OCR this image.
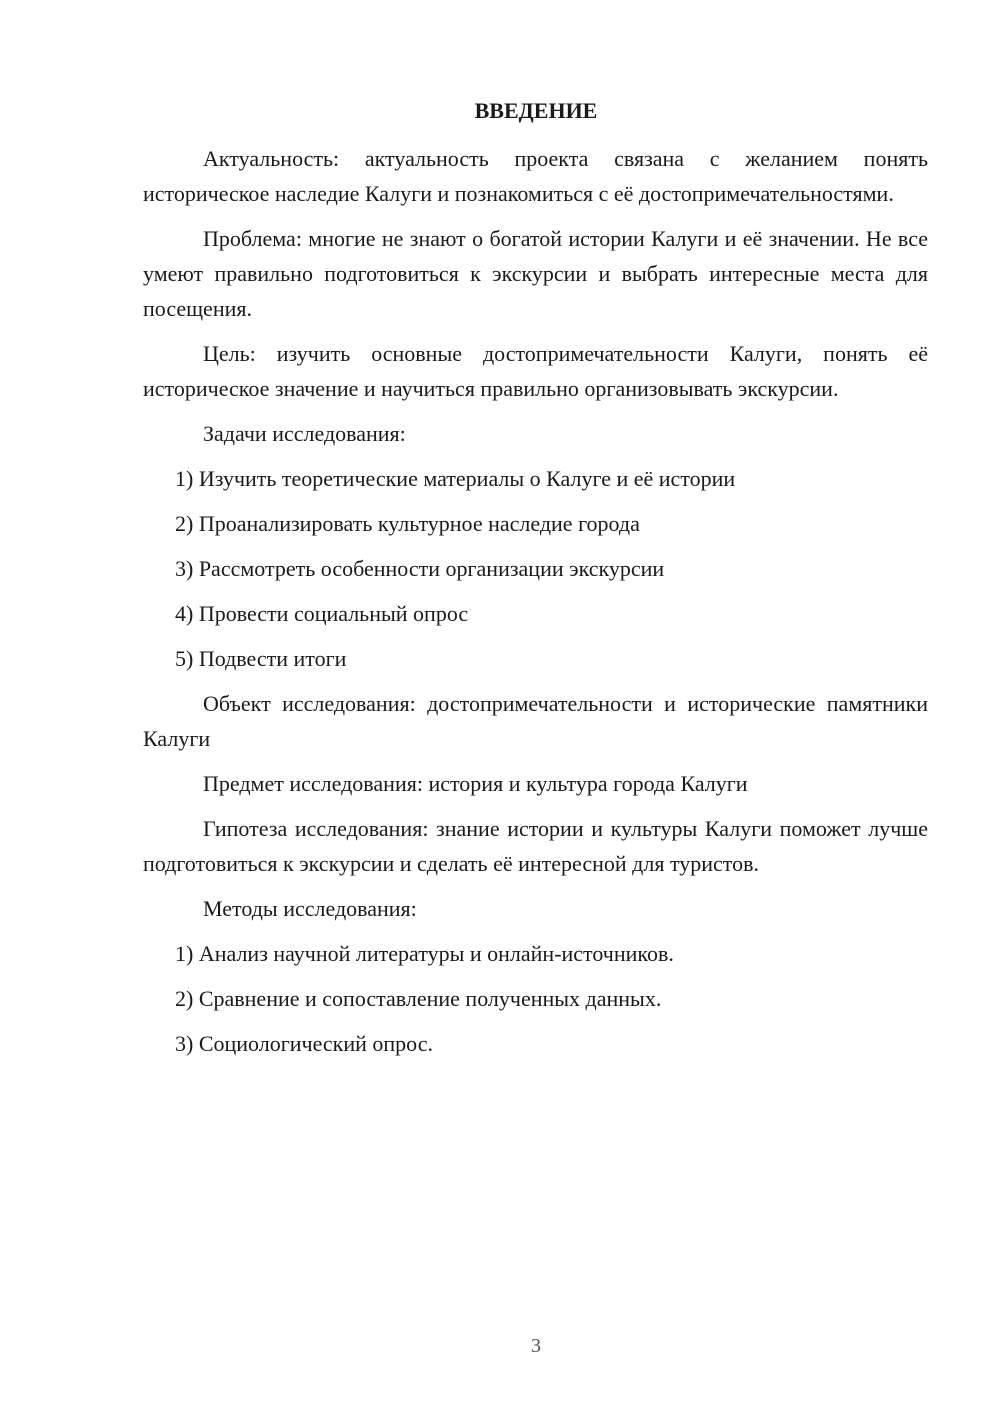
ВВЕДЕНИЕ

Актуальность: актуальность проекта связана с желанием понять историческое наследие Калуги и познакомиться с её достопримечательностями.

Проблема: многие не знают о богатой истории Калуги и её значении. Не все умеют правильно подготовиться к экскурсии и выбрать интересные места для посещения.

Цель: изучить основные достопримечательности Калуги, понять её историческое значение и научиться правильно организовывать экскурсии.

Задачи исследования:

1) Изучить теоретические материалы о Калуге и её истории
2) Проанализировать культурное наследие города
3) Рассмотреть особенности организации экскурсии
4) Провести социальный опрос
5) Подвести итоги

Объект исследования: достопримечательности и исторические памятники Калуги

Предмет исследования: история и культура города Калуги

Гипотеза исследования: знание истории и культуры Калуги поможет лучше подготовиться к экскурсии и сделать её интересной для туристов.

Методы исследования:

1) Анализ научной литературы и онлайн-источников.
2) Сравнение и сопоставление полученных данных.
3) Социологический опрос.
3
